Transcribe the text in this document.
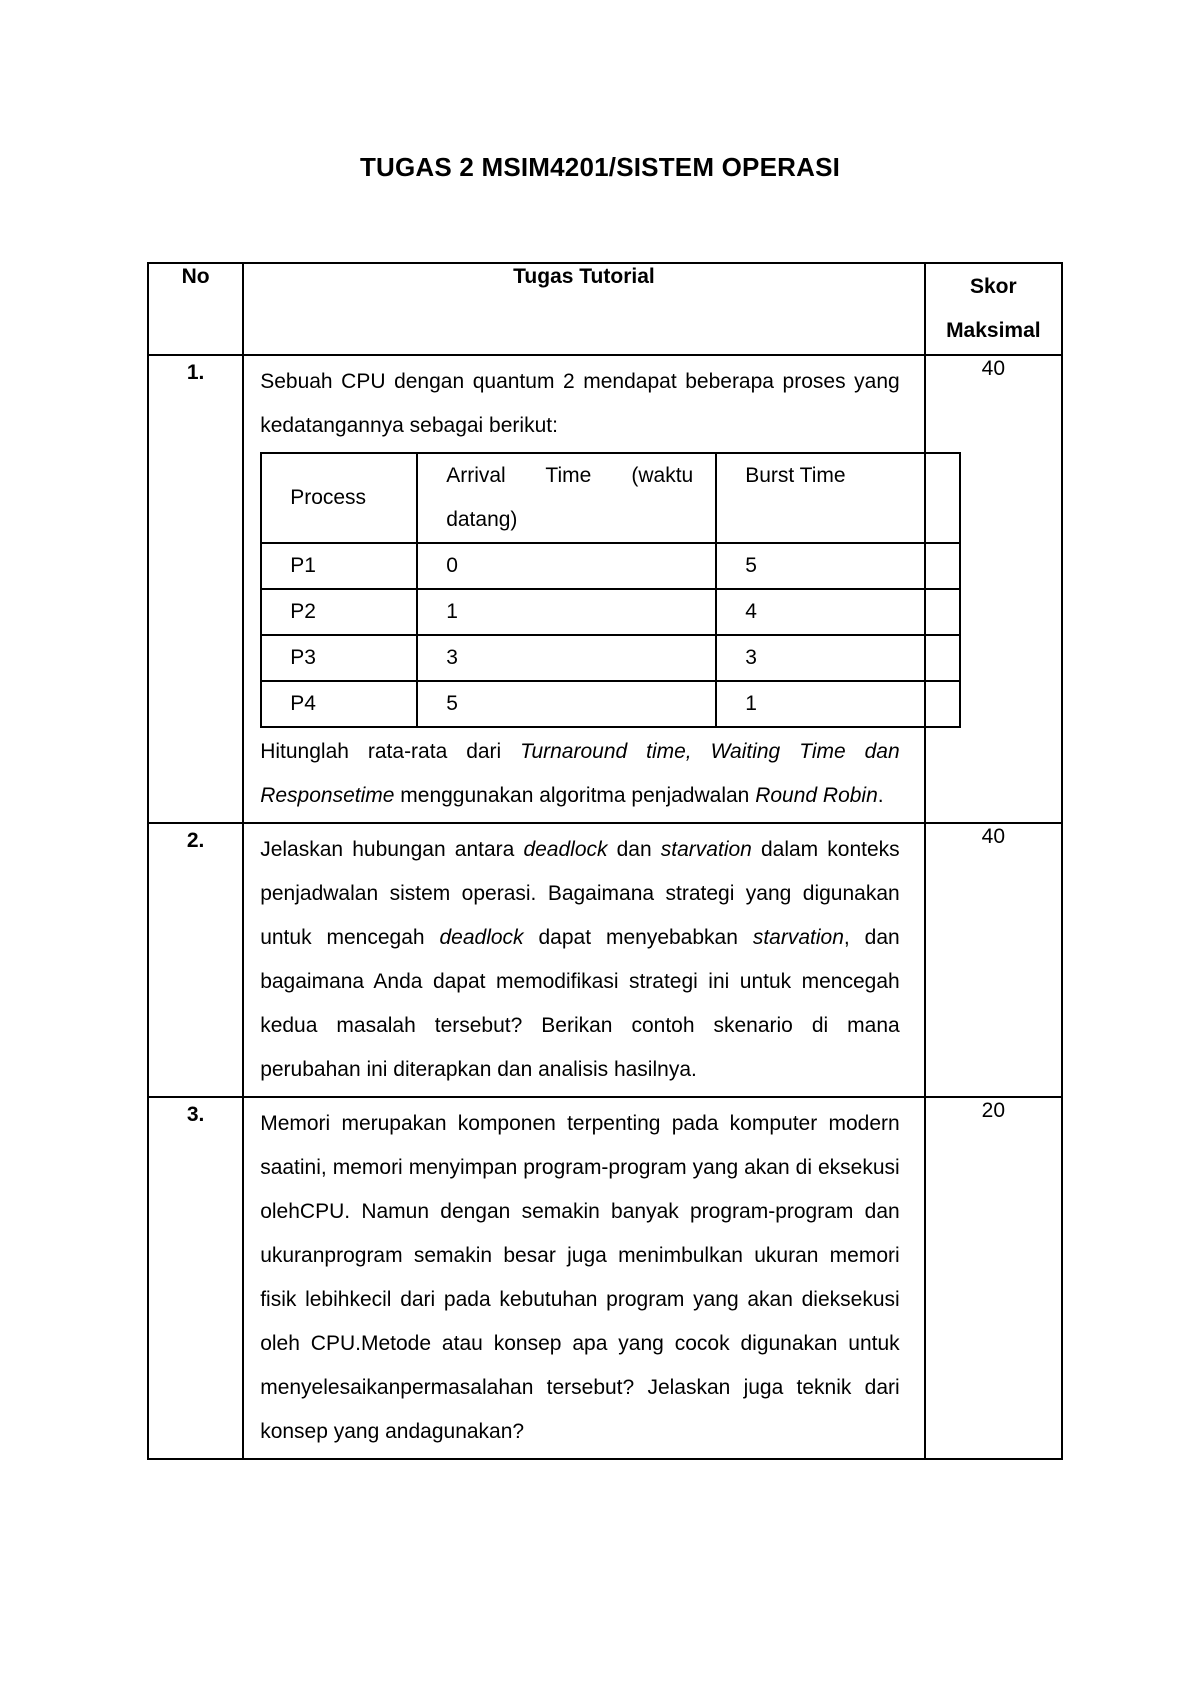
TUGAS 2 MSIM4201/SISTEM OPERASI
No	Tugas Tutorial	Skor
Maksimal
1.	Sebuah CPU dengan quantum 2 mendapat beberapa proses yang kedatangannya sebagai berikut:

Process	Arrival Time (waktu datang)	Burst Time
P1	0	5
P2	1	4
P3	3	3
P4	5	1

Hitunglah rata-rata dari Turnaround time, Waiting Time dan Responsetime menggunakan algoritma penjadwalan Round Robin.

	40
2.	Jelaskan hubungan antara deadlock dan starvation dalam konteks penjadwalan sistem operasi. Bagaimana strategi yang digunakan untuk mencegah deadlock dapat menyebabkan starvation, dan bagaimana Anda dapat memodifikasi strategi ini untuk mencegah kedua masalah tersebut? Berikan contoh skenario di mana perubahan ini diterapkan dan analisis hasilnya.

	40
3.	Memori merupakan komponen terpenting pada komputer modern saatini, memori menyimpan program-program yang akan di eksekusi olehCPU. Namun dengan semakin banyak program-program dan ukuranprogram semakin besar juga menimbulkan ukuran memori fisik lebihkecil dari pada kebutuhan program yang akan dieksekusi oleh CPU.Metode atau konsep apa yang cocok digunakan untuk menyelesaikanpermasalahan tersebut? Jelaskan juga teknik dari konsep yang andagunakan?

	20
